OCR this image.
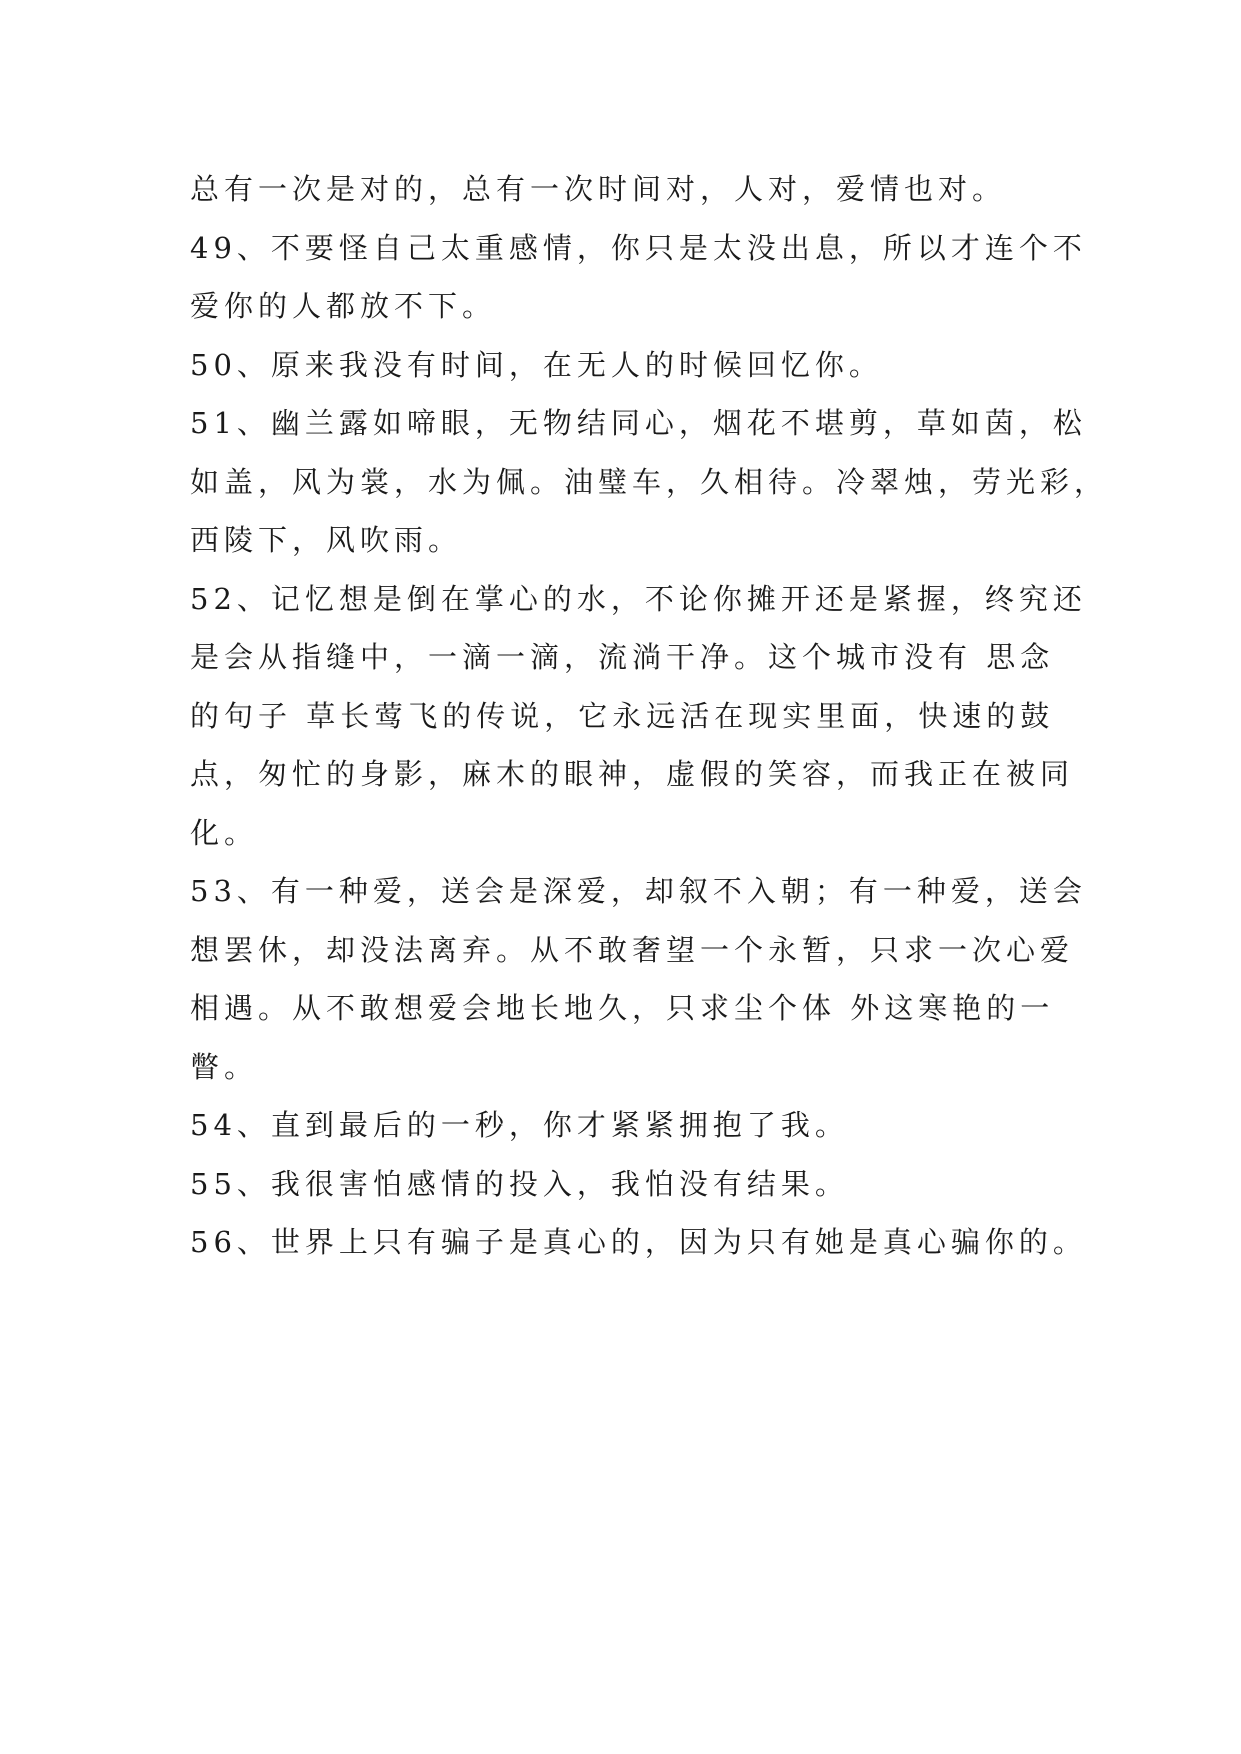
总有一次是对的，总有一次时间对，人对，爱情也对。
49、不要怪自己太重感情，你只是太没出息，所以才连个不
爱你的人都放不下。
50、原来我没有时间，在无人的时候回忆你。
51、幽兰露如啼眼，无物结同心，烟花不堪剪，草如茵，松
如盖，风为裳，水为佩。油璧车，久相待。冷翠烛，劳光彩，
西陵下，风吹雨。
52、记忆想是倒在掌心的水，不论你摊开还是紧握，终究还
是会从指缝中，一滴一滴，流淌干净。这个城市没有 思念
的句子 草长莺飞的传说，它永远活在现实里面，快速的鼓
点，匆忙的身影，麻木的眼神，虚假的笑容，而我正在被同
化。
53、有一种爱，送会是深爱，却叙不入朝；有一种爱，送会
想罢休，却没法离弃。从不敢奢望一个永暂，只求一次心爱
相遇。从不敢想爱会地长地久，只求尘个体 外这寒艳的一
瞥。
54、直到最后的一秒，你才紧紧拥抱了我。
55、我很害怕感情的投入，我怕没有结果。
56、世界上只有骗子是真心的，因为只有她是真心骗你的。
